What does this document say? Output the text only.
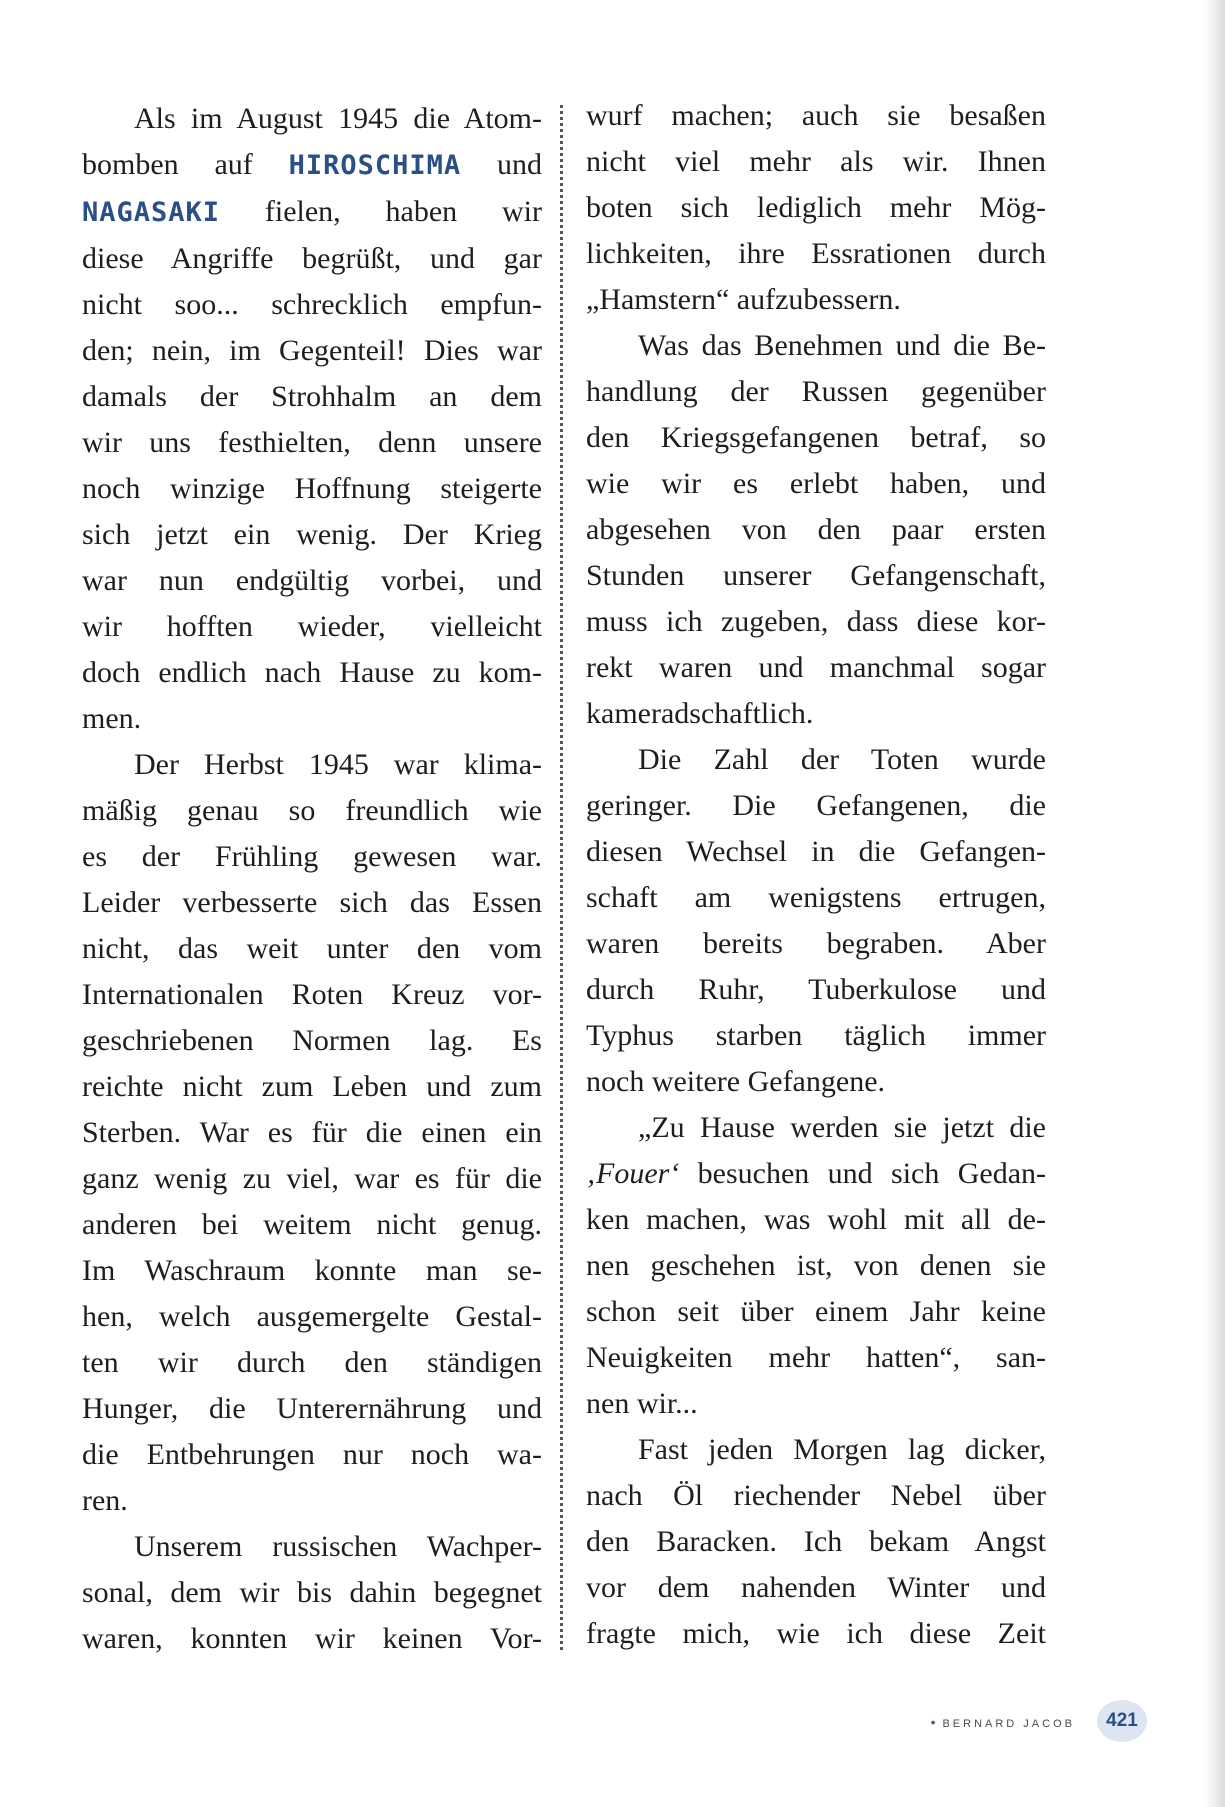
Als im August 1945 die Atom-
bomben auf HIROSCHIMA und
NAGASAKI fielen, haben wir
diese Angriffe begrüßt, und gar
nicht soo... schrecklich empfun-
den; nein, im Gegenteil! Dies war
damals der Strohhalm an dem
wir uns festhielten, denn unsere
noch winzige Hoffnung steigerte
sich jetzt ein wenig. Der Krieg
war nun endgültig vorbei, und
wir hofften wieder, vielleicht
doch endlich nach Hause zu kom-
men.
Der Herbst 1945 war klima-
mäßig genau so freundlich wie
es der Frühling gewesen war.
Leider verbesserte sich das Essen
nicht, das weit unter den vom
Internationalen Roten Kreuz vor-
geschriebenen Normen lag. Es
reichte nicht zum Leben und zum
Sterben. War es für die einen ein
ganz wenig zu viel, war es für die
anderen bei weitem nicht genug.
Im Waschraum konnte man se-
hen, welch ausgemergelte Gestal-
ten wir durch den ständigen
Hunger, die Unterernährung und
die Entbehrungen nur noch wa-
ren.
Unserem russischen Wachper-
sonal, dem wir bis dahin begegnet
waren, konnten wir keinen Vor-
wurf machen; auch sie besaßen
nicht viel mehr als wir. Ihnen
boten sich lediglich mehr Mög-
lichkeiten, ihre Essrationen durch
„Hamstern“ aufzubessern.
Was das Benehmen und die Be-
handlung der Russen gegenüber
den Kriegsgefangenen betraf, so
wie wir es erlebt haben, und
abgesehen von den paar ersten
Stunden unserer Gefangenschaft,
muss ich zugeben, dass diese kor-
rekt waren und manchmal sogar
kameradschaftlich.
Die Zahl der Toten wurde
geringer. Die Gefangenen, die
diesen Wechsel in die Gefangen-
schaft am wenigstens ertrugen,
waren bereits begraben. Aber
durch Ruhr, Tuberkulose und
Typhus starben täglich immer
noch weitere Gefangene.
„Zu Hause werden sie jetzt die
‚Fouer‘ besuchen und sich Gedan-
ken machen, was wohl mit all de-
nen geschehen ist, von denen sie
schon seit über einem Jahr keine
Neuigkeiten mehr hatten“, san-
nen wir...
Fast jeden Morgen lag dicker,
nach Öl riechender Nebel über
den Baracken. Ich bekam Angst
vor dem nahenden Winter und
fragte mich, wie ich diese Zeit
• BERNARD JACOB	421
